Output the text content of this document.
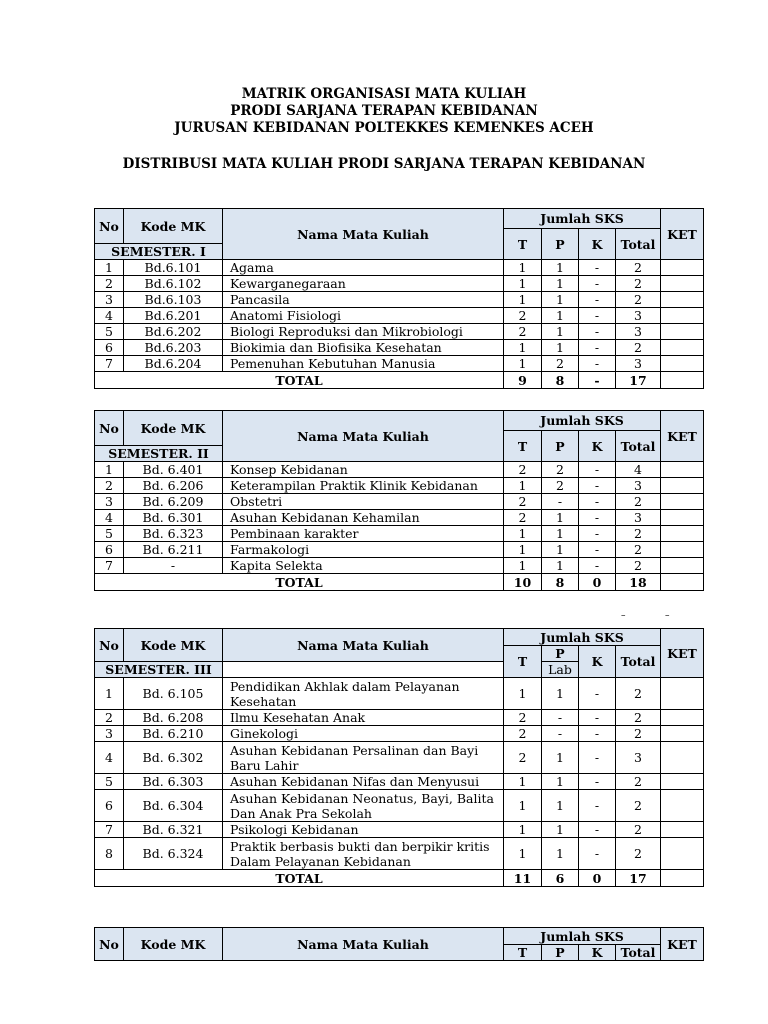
MATRIK ORGANISASI MATA KULIAH
PRODI SARJANA TERAPAN KEBIDANAN
JURUSAN KEBIDANAN POLTEKKES KEMENKES ACEH
DISTRIBUSI MATA KULIAH PRODI SARJANA TERAPAN KEBIDANAN
No	Kode MK	Nama Mata Kuliah	Jumlah SKS				KET
			T	P	K	Total	
SEMESTER. I							
1	Bd.6.101	Agama	1	1	-	2	
2	Bd.6.102	Kewarganegaraan	1	1	-	2	
3	Bd.6.103	Pancasila	1	1	-	2	
4	Bd.6.201	Anatomi Fisiologi	2	1	-	3	
5	Bd.6.202	Biologi Reproduksi dan Mikrobiologi	2	1	-	3	
6	Bd.6.203	Biokimia dan Biofisika Kesehatan	1	1	-	2	
7	Bd.6.204	Pemenuhan Kebutuhan Manusia	1	2	-	3	
TOTAL			9	8	-	17	
No	Kode MK	Nama Mata Kuliah	Jumlah SKS				KET
			T	P	K	Total	
SEMESTER. II							
1	Bd. 6.401	Konsep Kebidanan	2	2	-	4	
2	Bd. 6.206	Keterampilan Praktik Klinik Kebidanan	1	2	-	3	
3	Bd. 6.209	Obstetri	2	-	-	2	
4	Bd. 6.301	Asuhan Kebidanan Kehamilan	2	1	-	3	
5	Bd. 6.323	Pembinaan karakter	1	1	-	2	
6	Bd. 6.211	Farmakologi	1	1	-	2	
7	-	Kapita Selekta	1	1	-	2	
TOTAL			10	8	0	18	
–	–
No	Kode MK	Nama Mata Kuliah	Jumlah SKS				KET
			T	P	K	Total	
SEMESTER. III				Lab			
1	Bd. 6.105	Pendidikan Akhlak dalam Pelayanan Kesehatan	1	1	-	2	
2	Bd. 6.208	Ilmu Kesehatan Anak	2	-	-	2	
3	Bd. 6.210	Ginekologi	2	-	-	2	
4	Bd. 6.302	Asuhan Kebidanan Persalinan dan Bayi Baru Lahir	2	1	-	3	
5	Bd. 6.303	Asuhan Kebidanan Nifas dan Menyusui	1	1	-	2	
6	Bd. 6.304	Asuhan Kebidanan Neonatus, Bayi, Balita Dan Anak Pra Sekolah	1	1	-	2	
7	Bd. 6.321	Psikologi Kebidanan	1	1	-	2	
8	Bd. 6.324	Praktik berbasis bukti dan berpikir kritis Dalam Pelayanan Kebidanan	1	1	-	2	
TOTAL			11	6	0	17	
No	Kode MK	Nama Mata Kuliah	Jumlah SKS				KET
			T	P	K	Total	
